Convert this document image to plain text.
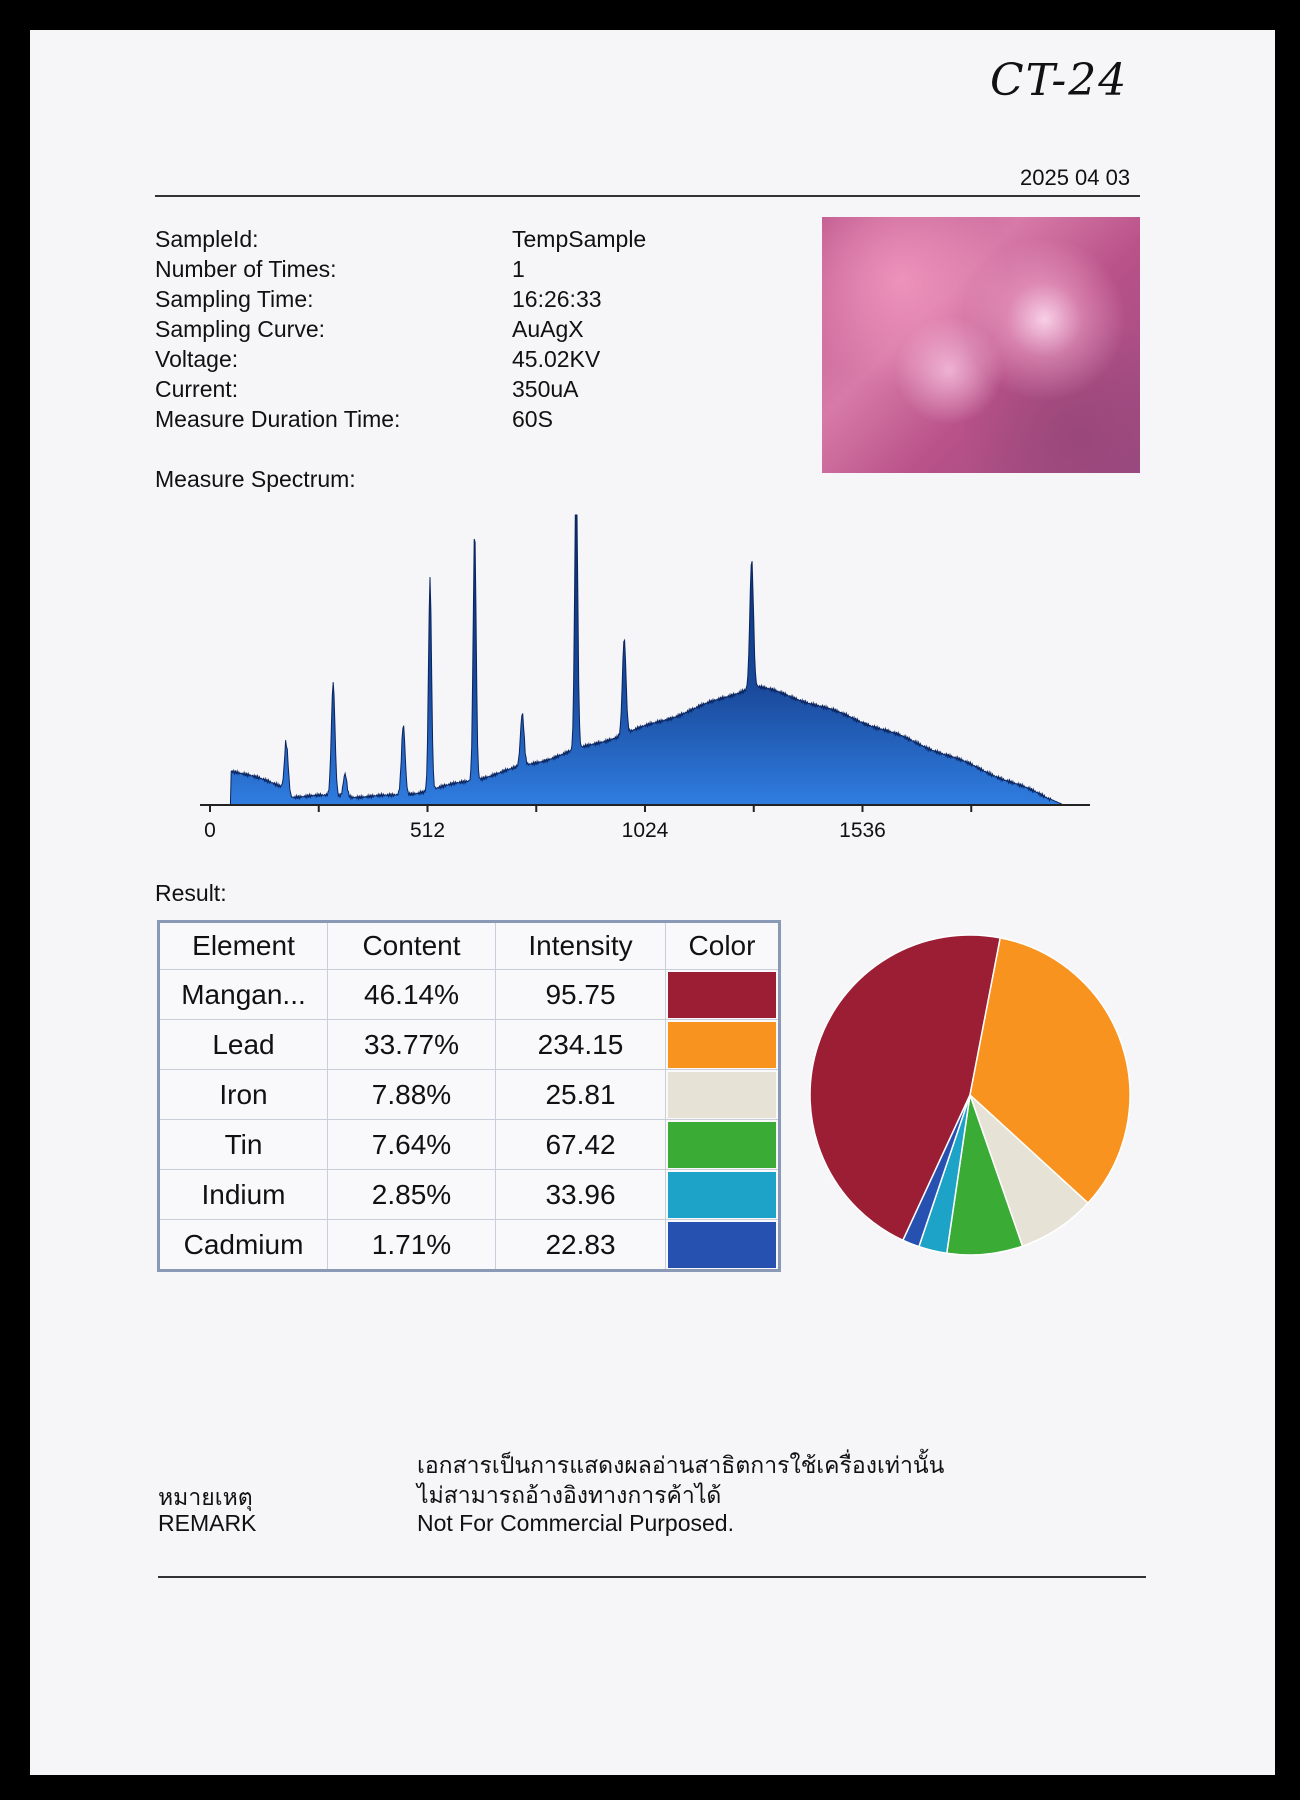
CT-24
2025 04 03
SampleId:	TempSample
Number of Times:	1
Sampling Time:	16:26:33
Sampling Curve:	AuAgX
Voltage:	45.02KV
Current:	350uA
Measure Duration Time:	60S
Measure Spectrum:
0	512	1024	1536
Result:
Element	Content	Intensity	Color
Mangan...	46.14%	95.75	

Lead	33.77%	234.15	

Iron	7.88%	25.81	

Tin	7.64%	67.42	

Indium	2.85%	33.96	

Cadmium	1.71%	22.83	
หมายเหตุ
REMARK
เอกสารเป็นการแสดงผลอ่านสาธิตการใช้เครื่องเท่านั้น
ไม่สามารถอ้างอิงทางการค้าได้
Not For Commercial Purposed.
